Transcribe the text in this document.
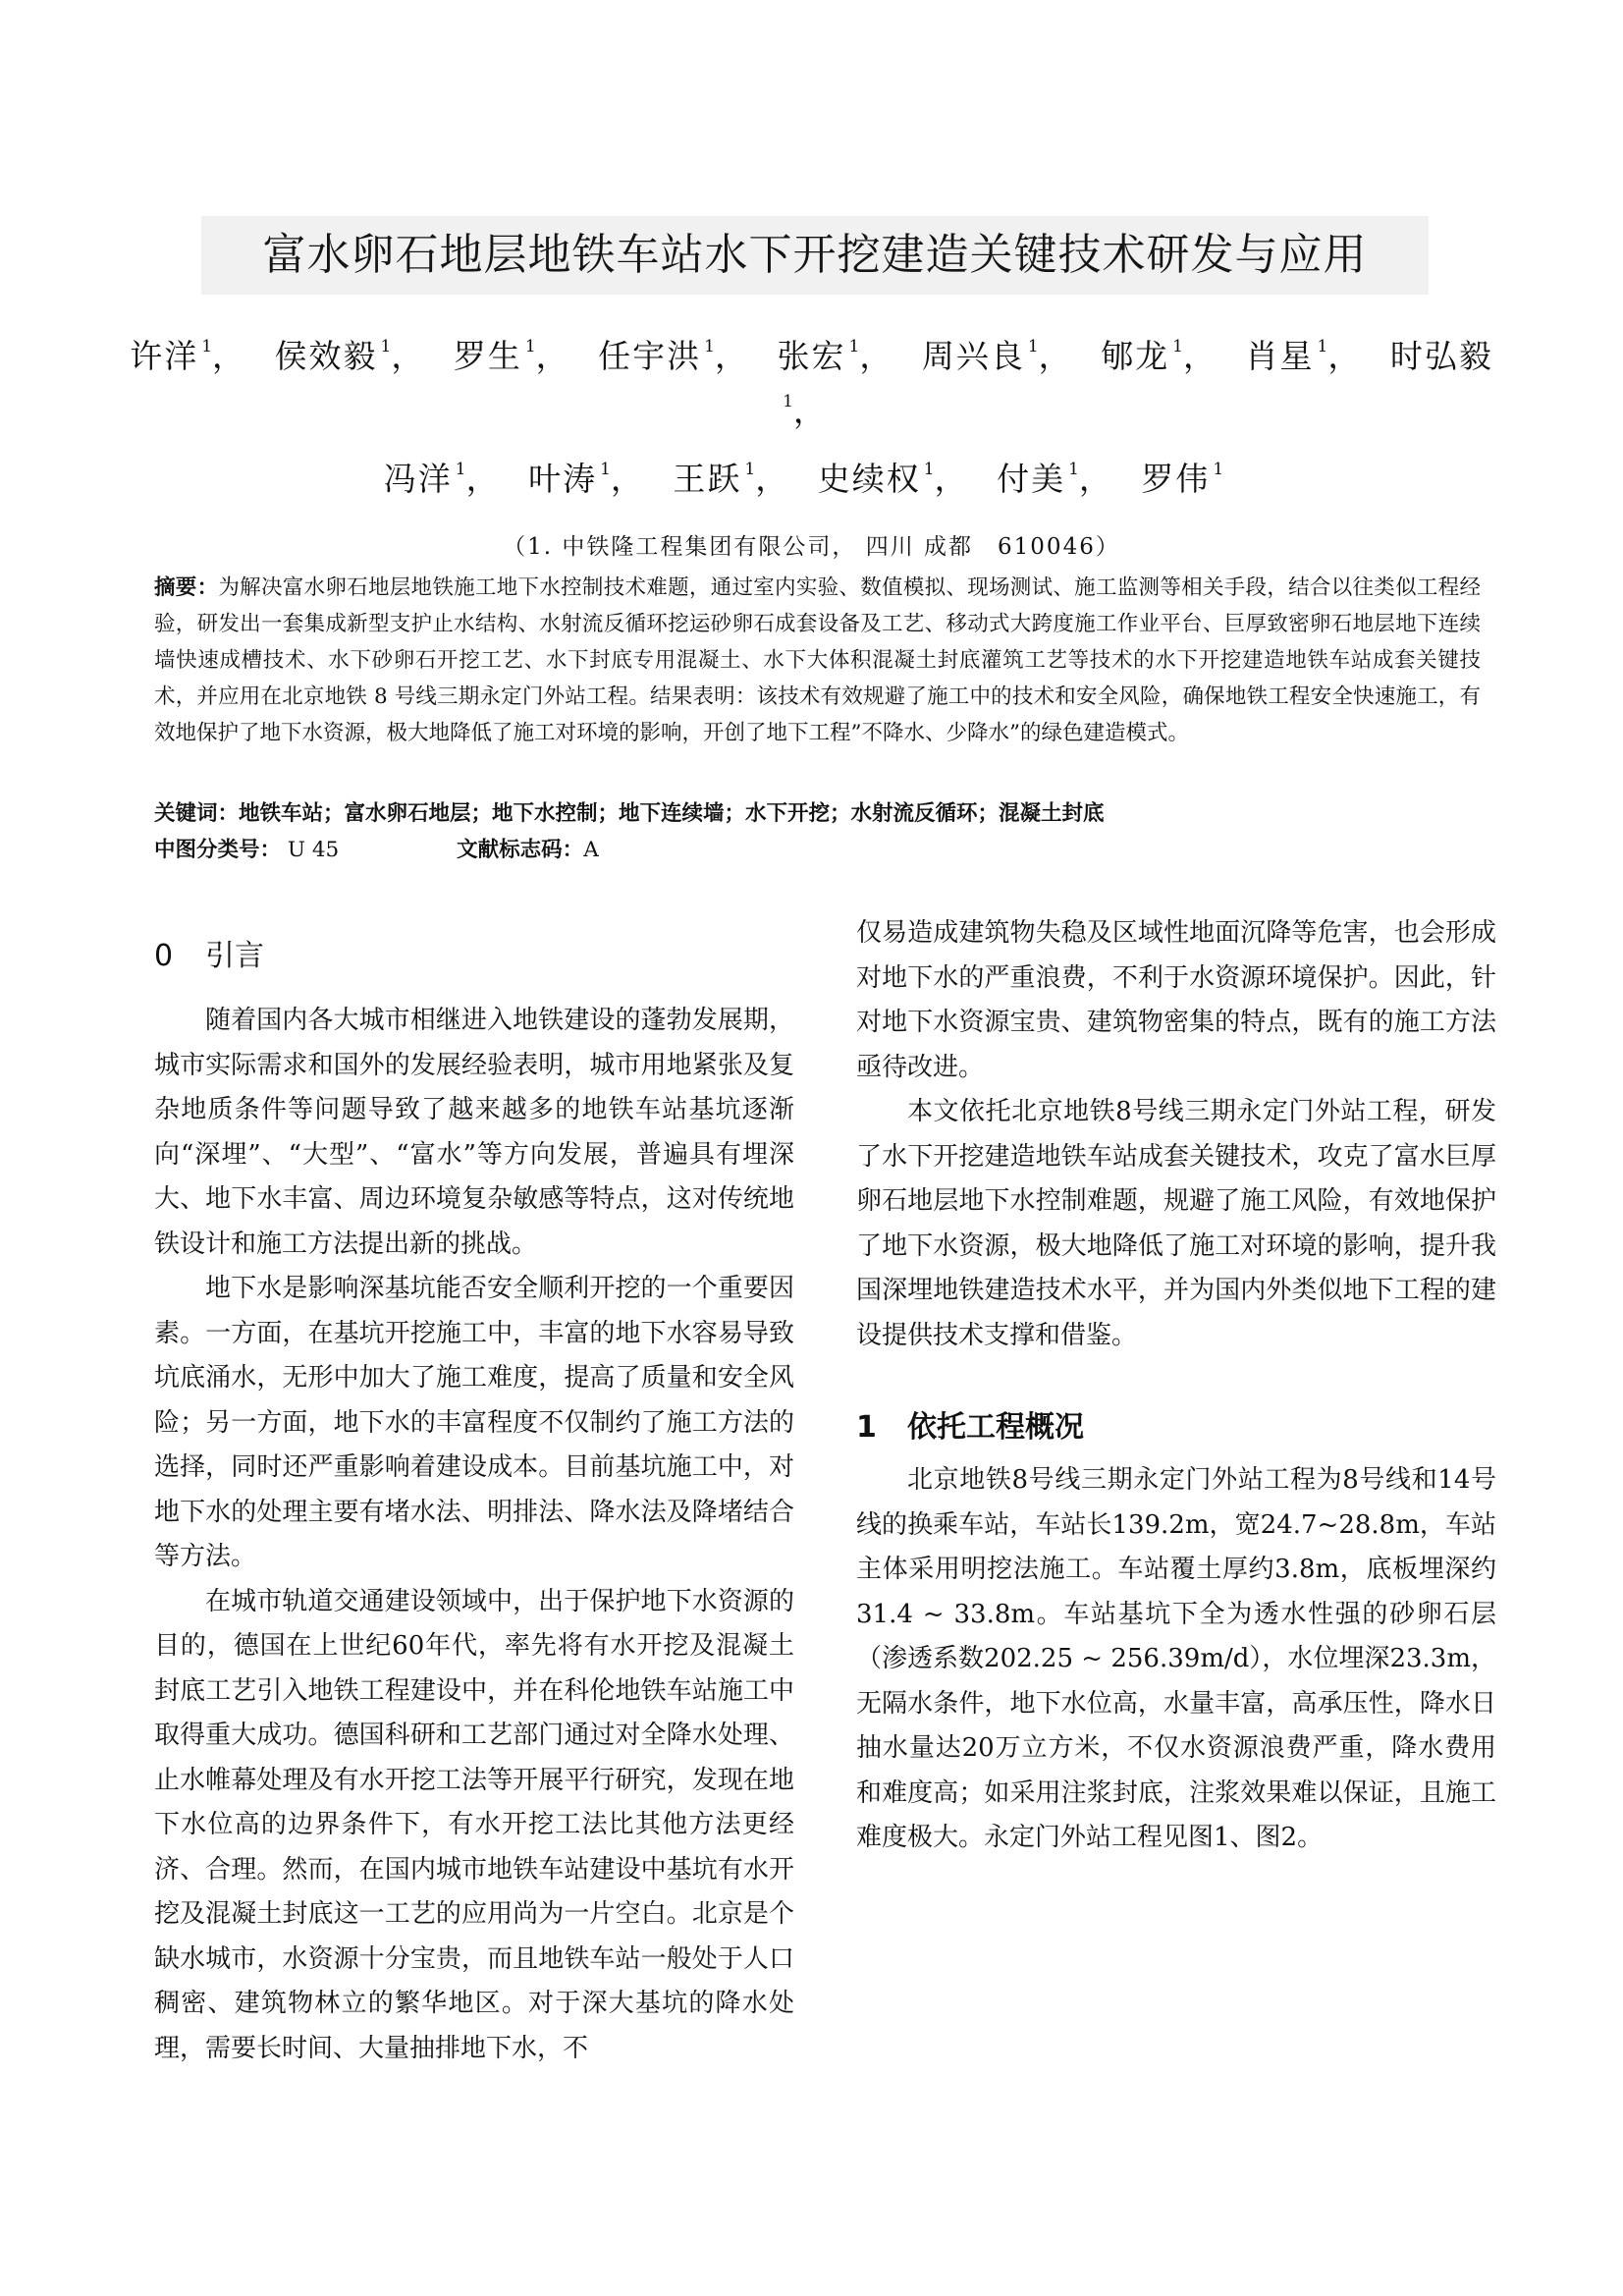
富水卵石地层地铁车站水下开挖建造关键技术研发与应用
许洋 $^1$， 侯效毅 $^1$， 罗生 $^1$， 任宇洪 $^1$， 张宏 $^1$， 周兴良 $^1$， 郇龙 $^1$， 肖星 $^1$， 时弘毅$^1$，
冯洋 $^1$， 叶涛 $^1$， 王跃 $^1$， 史续权 $^1$， 付美 $^1$， 罗伟 $^1$
（1. 中铁隆工程集团有限公司， 四川 成都　610046）

摘要：为解决富水卵石地层地铁施工地下水控制技术难题，通过室内实验、数值模拟、现场测试、施工监测等相关手段，结合以往类似工程经验，研发出一套集成新型支护止水结构、水射流反循环挖运砂卵石成套设备及工艺、移动式大跨度施工作业平台、巨厚致密卵石地层地下连续墙快速成槽技术、水下砂卵石开挖工艺、水下封底专用混凝土、水下大体积混凝土封底灌筑工艺等技术的水下开挖建造地铁车站成套关键技术，并应用在北京地铁 8 号线三期永定门外站工程。结果表明：该技术有效规避了施工中的技术和安全风险，确保地铁工程安全快速施工，有效地保护了地下水资源，极大地降低了施工对环境的影响，开创了地下工程”不降水、少降水”的绿色建造模式。

关键词：地铁车站；富水卵石地层；地下水控制；地下连续墙；水下开挖；水射流反循环；混凝土封底

中图分类号： U 45	文献标志码：A

0 引言

随着国内各大城市相继进入地铁建设的蓬勃发展期，城市实际需求和国外的发展经验表明，城市用地紧张及复杂地质条件等问题导致了越来越多的地铁车站基坑逐渐向“深埋”、“大型”、“富水”等方向发展，普遍具有埋深大、地下水丰富、周边环境复杂敏感等特点，这对传统地铁设计和施工方法提出新的挑战。

地下水是影响深基坑能否安全顺利开挖的一个重要因素。一方面，在基坑开挖施工中，丰富的地下水容易导致坑底涌水，无形中加大了施工难度，提高了质量和安全风险；另一方面，地下水的丰富程度不仅制约了施工方法的选择，同时还严重影响着建设成本。目前基坑施工中，对地下水的处理主要有堵水法、明排法、降水法及降堵结合等方法。

在城市轨道交通建设领域中，出于保护地下水资源的目的，德国在上世纪60年代，率先将有水开挖及混凝土封底工艺引入地铁工程建设中，并在科伦地铁车站施工中取得重大成功。德国科研和工艺部门通过对全降水处理、止水帷幕处理及有水开挖工法等开展平行研究，发现在地下水位高的边界条件下，有水开挖工法比其他方法更经济、合理。然而，在国内城市地铁车站建设中基坑有水开挖及混凝土封底这一工艺的应用尚为一片空白。北京是个缺水城市，水资源十分宝贵，而且地铁车站一般处于人口稠密、建筑物林立的繁华地区。对于深大基坑的降水处理，需要长时间、大量抽排地下水，不

仅易造成建筑物失稳及区域性地面沉降等危害，也会形成对地下水的严重浪费，不利于水资源环境保护。因此，针对地下水资源宝贵、建筑物密集的特点，既有的施工方法亟待改进。

本文依托北京地铁8号线三期永定门外站工程，研发了水下开挖建造地铁车站成套关键技术，攻克了富水巨厚卵石地层地下水控制难题，规避了施工风险，有效地保护了地下水资源，极大地降低了施工对环境的影响，提升我国深埋地铁建造技术水平，并为国内外类似地下工程的建设提供技术支撑和借鉴。

1 依托工程概况

北京地铁8号线三期永定门外站工程为8号线和14号线的换乘车站，车站长139.2m，宽24.7~28.8m，车站主体采用明挖法施工。车站覆土厚约3.8m，底板埋深约31.4 ~ 33.8m。车站基坑下全为透水性强的砂卵石层（渗透系数202.25 ~ 256.39m/d），水位埋深23.3m，无隔水条件，地下水位高，水量丰富，高承压性，降水日抽水量达20万立方米，不仅水资源浪费严重，降水费用和难度高；如采用注浆封底，注浆效果难以保证，且施工难度极大。永定门外站工程见图1、图2。
